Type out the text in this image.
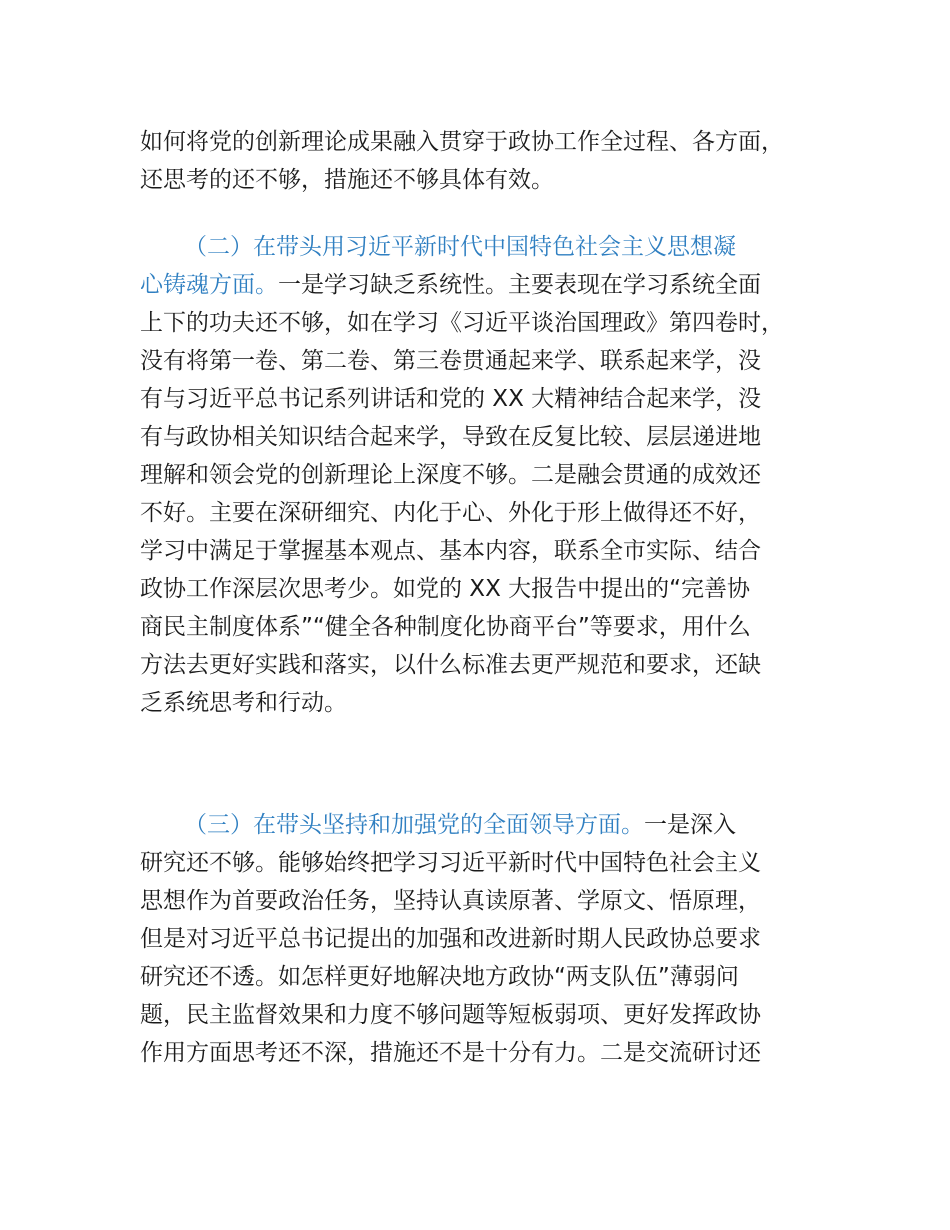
如何将党的创新理论成果融入贯穿于政协工作全过程、各方面，
还思考的还不够，措施还不够具体有效。
（二）在带头用习近平新时代中国特色社会主义思想凝
心铸魂方面。一是学习缺乏系统性。主要表现在学习系统全面
上下的功夫还不够，如在学习《习近平谈治国理政》第四卷时，
没有将第一卷、第二卷、第三卷贯通起来学、联系起来学，没
有与习近平总书记系列讲话和党的 XX 大精神结合起来学，没
有与政协相关知识结合起来学，导致在反复比较、层层递进地
理解和领会党的创新理论上深度不够。二是融会贯通的成效还
不好。主要在深研细究、内化于心、外化于形上做得还不好，
学习中满足于掌握基本观点、基本内容，联系全市实际、结合
政协工作深层次思考少。如党的 XX 大报告中提出的“完善协
商民主制度体系”“健全各种制度化协商平台”等要求，用什么
方法去更好实践和落实，以什么标准去更严规范和要求，还缺
乏系统思考和行动。
（三）在带头坚持和加强党的全面领导方面。一是深入
研究还不够。能够始终把学习习近平新时代中国特色社会主义
思想作为首要政治任务，坚持认真读原著、学原文、悟原理，
但是对习近平总书记提出的加强和改进新时期人民政协总要求
研究还不透。如怎样更好地解决地方政协“两支队伍”薄弱问
题，民主监督效果和力度不够问题等短板弱项、更好发挥政协
作用方面思考还不深，措施还不是十分有力。二是交流研讨还
